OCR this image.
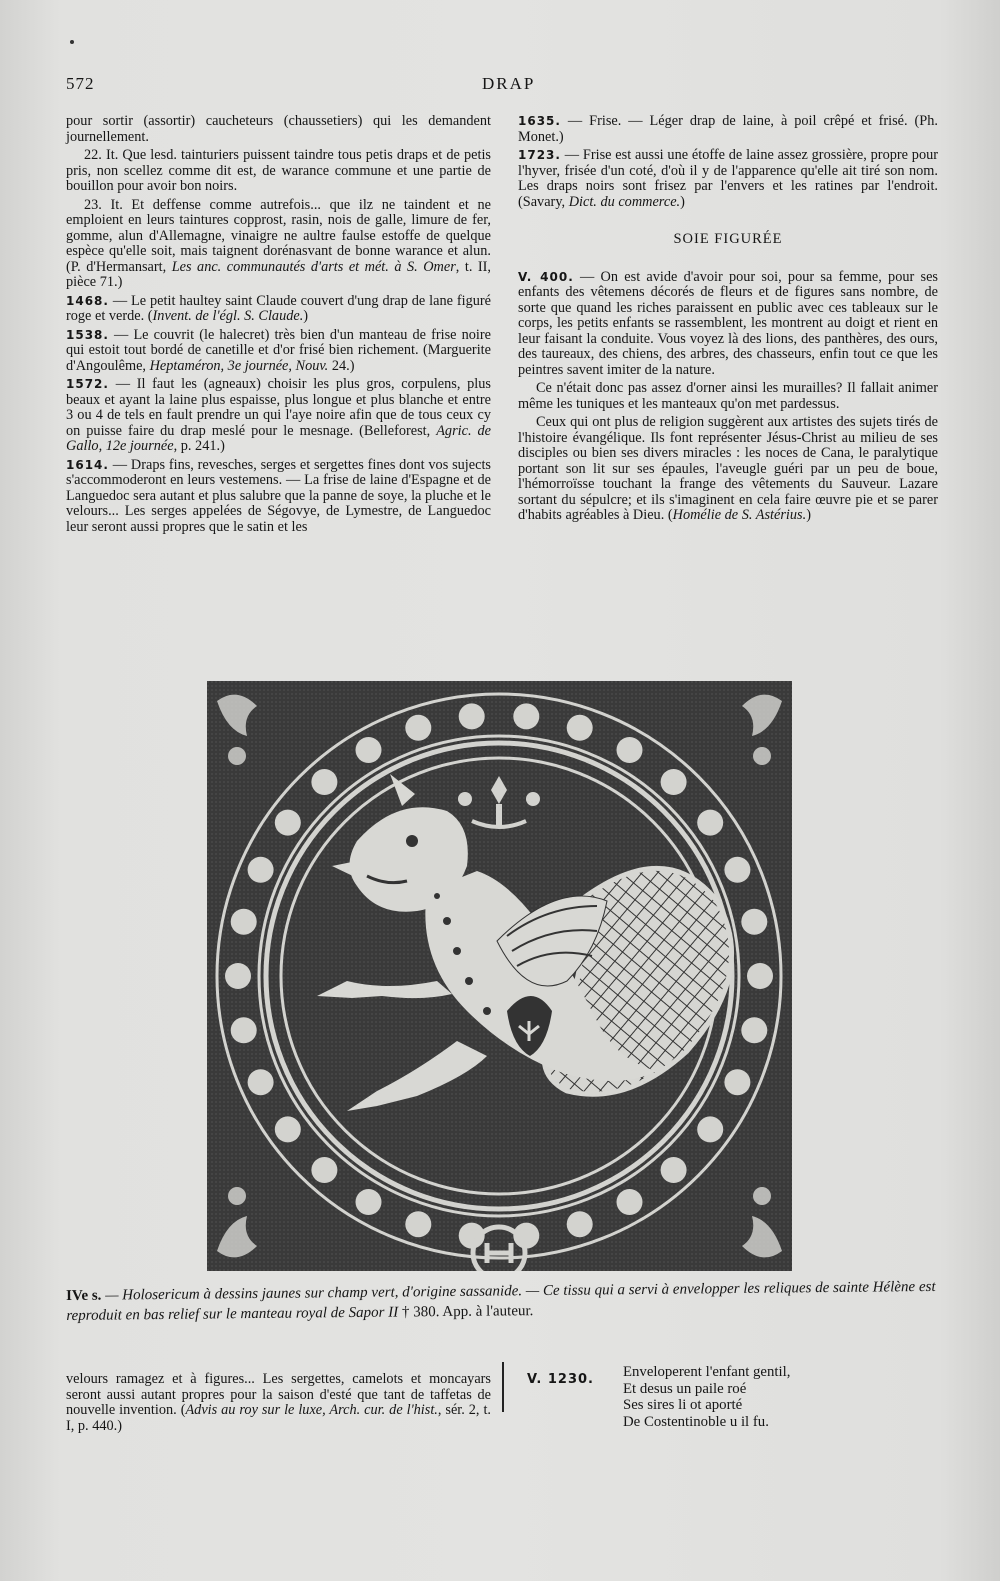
572	DRAP

pour sortir (assortir) caucheteurs (chaussetiers) qui les demandent journellement.

22. It. Que lesd. tainturiers puissent taindre tous petis draps et de petis pris, non scellez comme dit est, de warance commune et une partie de bouillon pour avoir bon noirs.

23. It. Et deffense comme autrefois... que ilz ne taindent et ne emploient en leurs taintures copprost, rasin, nois de galle, limure de fer, gomme, alun d'Allemagne, vinaigre ne aultre faulse estoffe de quelque espèce qu'elle soit, mais taignent dorénasvant de bonne warance et alun. (P. d'Hermansart, Les anc. communautés d'arts et mét. à S. Omer, t. II, pièce 71.)

1468. — Le petit haultey saint Claude couvert d'ung drap de lane figuré roge et verde. (Invent. de l'égl. S. Claude.)

1538. — Le couvrit (le halecret) très bien d'un manteau de frise noire qui estoit tout bordé de canetille et d'or frisé bien richement. (Marguerite d'Angoulême, Heptaméron, 3e journée, Nouv. 24.)

1572. — Il faut les (agneaux) choisir les plus gros, corpulens, plus beaux et ayant la laine plus espaisse, plus longue et plus blanche et entre 3 ou 4 de tels en fault prendre un qui l'aye noire afin que de tous ceux cy on puisse faire du drap meslé pour le mesnage. (Belleforest, Agric. de Gallo, 12e journée, p. 241.)

1614. — Draps fins, revesches, serges et sergettes fines dont vos sujects s'accommoderont en leurs vestemens. — La frise de laine d'Espagne et de Languedoc sera autant et plus salubre que la panne de soye, la pluche et le velours... Les serges appelées de Ségovye, de Lymestre, de Languedoc leur seront aussi propres que le satin et les

1635. — Frise. — Léger drap de laine, à poil crêpé et frisé. (Ph. Monet.)

1723. — Frise est aussi une étoffe de laine assez grossière, propre pour l'hyver, frisée d'un coté, d'où il y de l'apparence qu'elle ait tiré son nom. Les draps noirs sont frisez par l'envers et les ratines par l'endroit. (Savary, Dict. du commerce.)

SOIE FIGURÉE

V. 400. — On est avide d'avoir pour soi, pour sa femme, pour ses enfants des vêtemens décorés de fleurs et de figures sans nombre, de sorte que quand les riches paraissent en public avec ces tableaux sur le corps, les petits enfants se rassemblent, les montrent au doigt et rient en leur faisant la conduite. Vous voyez là des lions, des panthères, des ours, des taureaux, des chiens, des arbres, des chasseurs, enfin tout ce que les peintres savent imiter de la nature.

Ce n'était donc pas assez d'orner ainsi les murailles? Il fallait animer même les tuniques et les manteaux qu'on met pardessus.

Ceux qui ont plus de religion suggèrent aux artistes des sujets tirés de l'histoire évangélique. Ils font représenter Jésus-Christ au milieu de ses disciples ou bien ses divers miracles : les noces de Cana, le paralytique portant son lit sur ses épaules, l'aveugle guéri par un peu de boue, l'hémorroïsse touchant la frange des vêtements du Sauveur. Lazare sortant du sépulcre; et ils s'imaginent en cela faire œuvre pie et se parer d'habits agréables à Dieu. (Homélie de S. Astérius.)

IVe s. — Holosericum à dessins jaunes sur champ vert, d'origine sassanide. — Ce tissu qui a servi à envelopper les reliques de sainte Hélène est reproduit en bas relief sur le manteau royal de Sapor II † 380. App. à l'auteur.
velours ramagez et à figures... Les sergettes, camelots et moncayars seront aussi autant propres pour la saison d'esté que tant de taffetas de nouvelle invention. (Advis au roy sur le luxe, Arch. cur. de l'hist., sér. 2, t. I, p. 440.)
V. 1230. Enveloperent l'enfant gentil,
Et desus un paile roé
Ses sires li ot aporté
De Costentinoble u il fu.
